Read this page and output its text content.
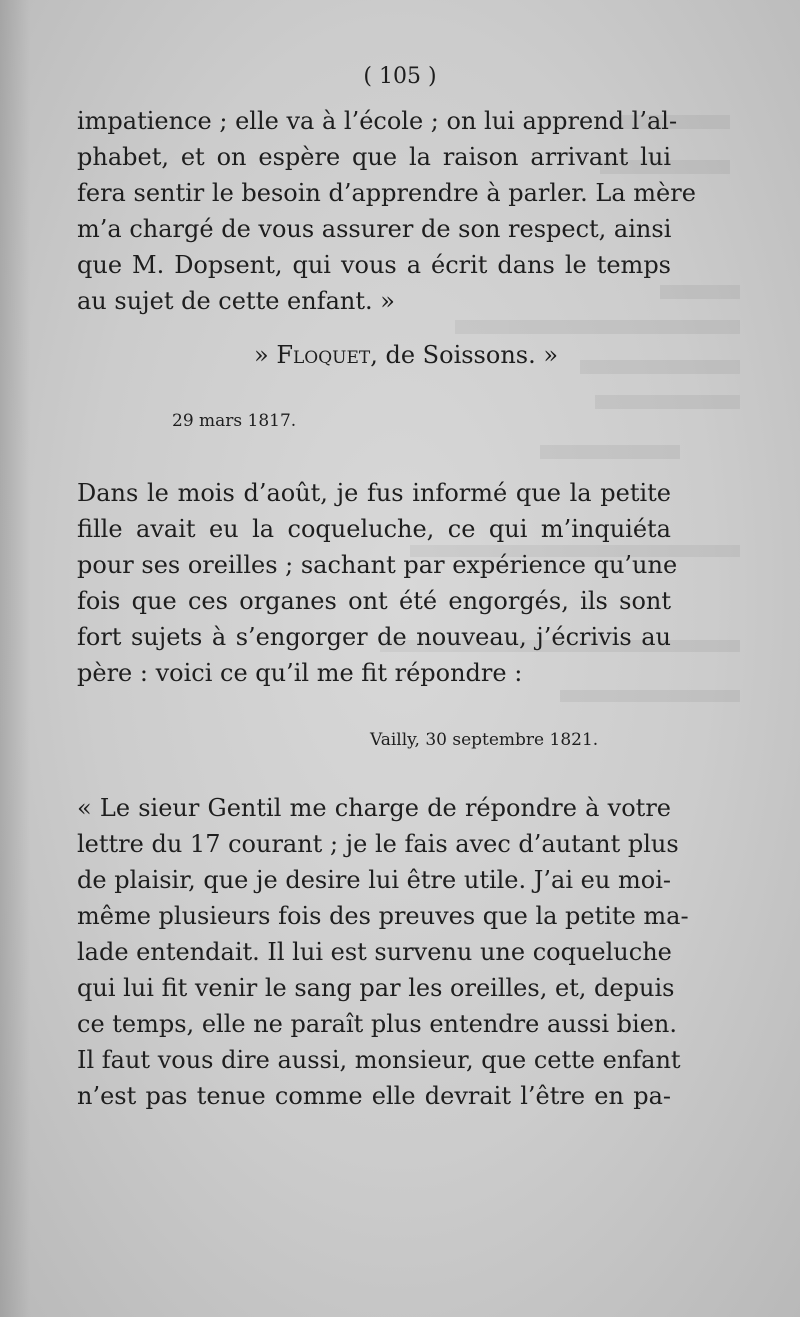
( 105 )
impatience ; elle va à l’école ; on lui apprend l’al-
phabet, et on espère que la raison arrivant lui
fera sentir le besoin d’apprendre à parler. La mère
m’a chargé de vous assurer de son respect, ainsi
que M. Dopsent, qui vous a écrit dans le temps
au sujet de cette enfant. »
» Floquet, de Soissons. »
29 mars 1817.
Dans le mois d’août, je fus informé que la petite
fille avait eu la coqueluche, ce qui m’inquiéta
pour ses oreilles ; sachant par expérience qu’une
fois que ces organes ont été engorgés, ils sont
fort sujets à s’engorger de nouveau, j’écrivis au
père : voici ce qu’il me fit répondre :
Vailly, 30 septembre 1821.
« Le sieur Gentil me charge de répondre à votre
lettre du 17 courant ; je le fais avec d’autant plus
de plaisir, que je desire lui être utile. J’ai eu moi-
même plusieurs fois des preuves que la petite ma-
lade entendait. Il lui est survenu une coqueluche
qui lui fit venir le sang par les oreilles, et, depuis
ce temps, elle ne paraît plus entendre aussi bien.
Il faut vous dire aussi, monsieur, que cette enfant
n’est pas tenue comme elle devrait l’être en pa-
